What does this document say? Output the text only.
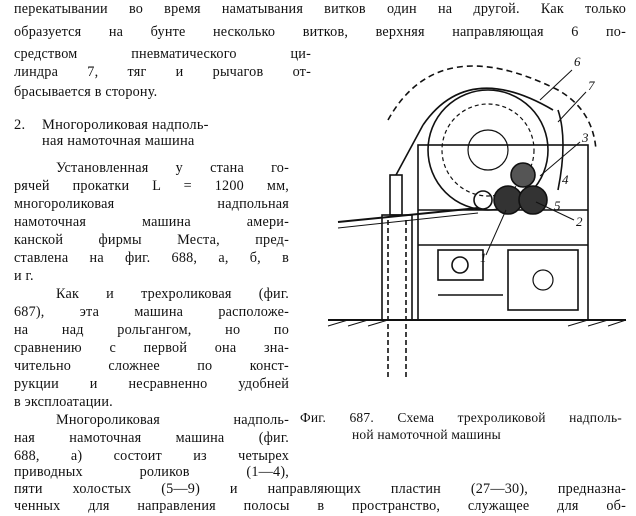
перекатывании во время наматывания витков один на другой. Как только
образуется на бунте несколько витков, верхняя направляющая 6 по-
средством пневматического ци-
линдра 7, тяг и рычагов от-
брасывается в сторону.
2. Многороликовая надполь-
ная намоточная машина
Установленная у стана го-
рячей прокатки L = 1200 мм,
многороликовая надпольная
намоточная машина амери-
канской фирмы Места, пред-
ставлена на фиг. 688, а, б, в
и г.
Как и трехроликовая (фиг.
687), эта машина расположе-
на над рольгангом, но по
сравнению с первой она зна-
чительно сложнее по конст-
рукции и несравненно удобней
в эксплоатации.
Многороликовая надполь-
ная намоточная машина (фиг.
688, а) состоит из четырех
приводных роликов (1—4),
пяти холостых (5—9) и направляющих пластин (27—30), предназна-
ченных для направления полосы в пространство, служащее для об-
Фиг. 687. Схема трехроликовой надполь-
ной намоточной машины
6
7
3
2
4
5
1
